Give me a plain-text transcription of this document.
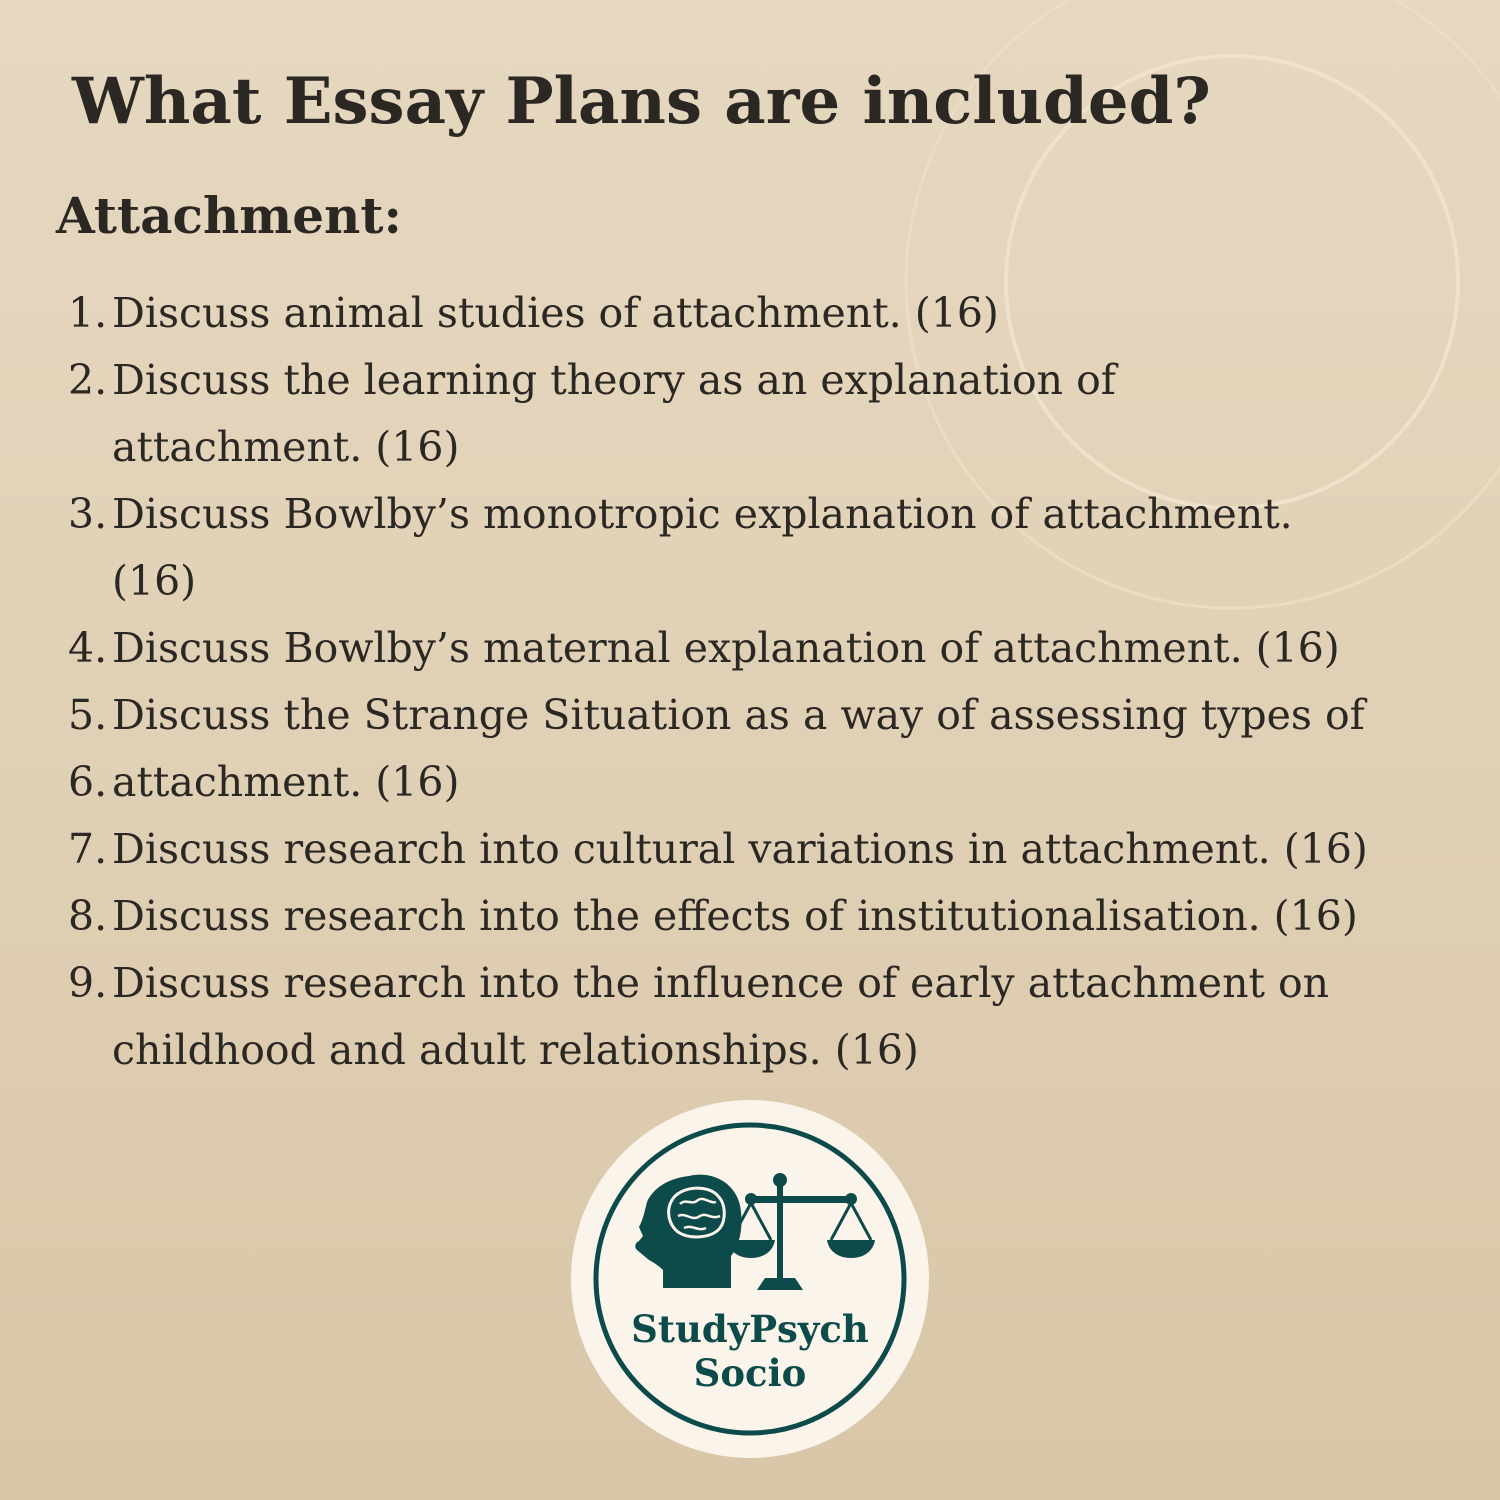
What Essay Plans are included?
Attachment:
1. Discuss animal studies of attachment. (16)
2. Discuss the learning theory as an explanation of
attachment. (16)
3. Discuss Bowlby’s monotropic explanation of attachment.
(16)
4. Discuss Bowlby’s maternal explanation of attachment. (16)
5. Discuss the Strange Situation as a way of assessing types of
6. attachment. (16)
7. Discuss research into cultural variations in attachment. (16)
8. Discuss research into the effects of institutionalisation. (16)
9. Discuss research into the influence of early attachment on
childhood and adult relationships. (16)
StudyPsych
Socio
